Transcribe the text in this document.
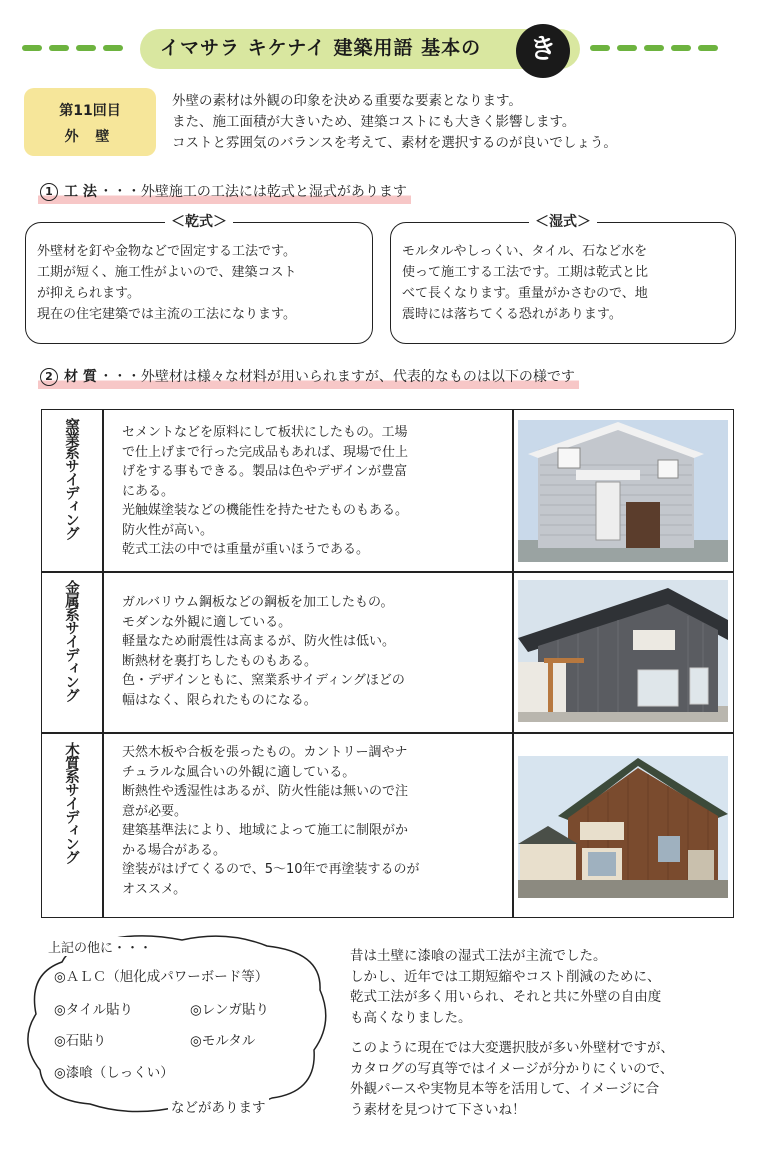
イマサラ キケナイ 建築用語 基本の	き
第11回目
外 壁
外壁の素材は外観の印象を決める重要な要素となります。
また、施工面積が大きいため、建築コストにも大きく影響します。
コストと雰囲気のバランスを考えて、素材を選択するのが良いでしょう。
1 工 法 ・・・外壁施工の工法には乾式と湿式があります
＜乾式＞
外壁材を釘や金物などで固定する工法です。
工期が短く、施工性がよいので、建築コスト
が抑えられます。
現在の住宅建築では主流の工法になります。
＜湿式＞
モルタルやしっくい、タイル、石など水を
使って施工する工法です。工期は乾式と比
べて長くなります。重量がかさむので、地
震時には落ちてくる恐れがあります。
2 材 質 ・・・外壁材は様々な材料が用いられますが、代表的なものは以下の様です
窯業系サイディング	セメントなどを原料にして板状にしたもの。工場
で仕上げまで行った完成品もあれば、現場で仕上
げをする事もできる。製品は色やデザインが豊富
にある。
光触媒塗装などの機能性を持たせたものもある。
防火性が高い。
乾式工法の中では重量が重いほうである。
金属系サイディング	ガルバリウム鋼板などの鋼板を加工したもの。
モダンな外観に適している。
軽量なため耐震性は高まるが、防火性は低い。
断熱材を裏打ちしたものもある。
色・デザインともに、窯業系サイディングほどの
幅はなく、限られたものになる。
木質系サイディング	天然木板や合板を張ったもの。カントリー調やナ
チュラルな風合いの外観に適している。
断熱性や透湿性はあるが、防火性能は無いので注
意が必要。
建築基準法により、地域によって施工に制限がか
かる場合がある。
塗装がはげてくるので、5～10年で再塗装するのが
オススメ。
上記の他に・・・
◎ＡＬＣ（旭化成パワーボード等）
◎タイル貼り	◎レンガ貼り
◎石貼り	◎モルタル
◎漆喰（しっくい）
などがあります
昔は土壁に漆喰の湿式工法が主流でした。
しかし、近年では工期短縮やコスト削減のために、
乾式工法が多く用いられ、それと共に外壁の自由度
も高くなりました。
このように現在では大変選択肢が多い外壁材ですが、
カタログの写真等ではイメージが分かりにくいので、
外観パースや実物見本等を活用して、イメージに合
う素材を見つけて下さいね！
